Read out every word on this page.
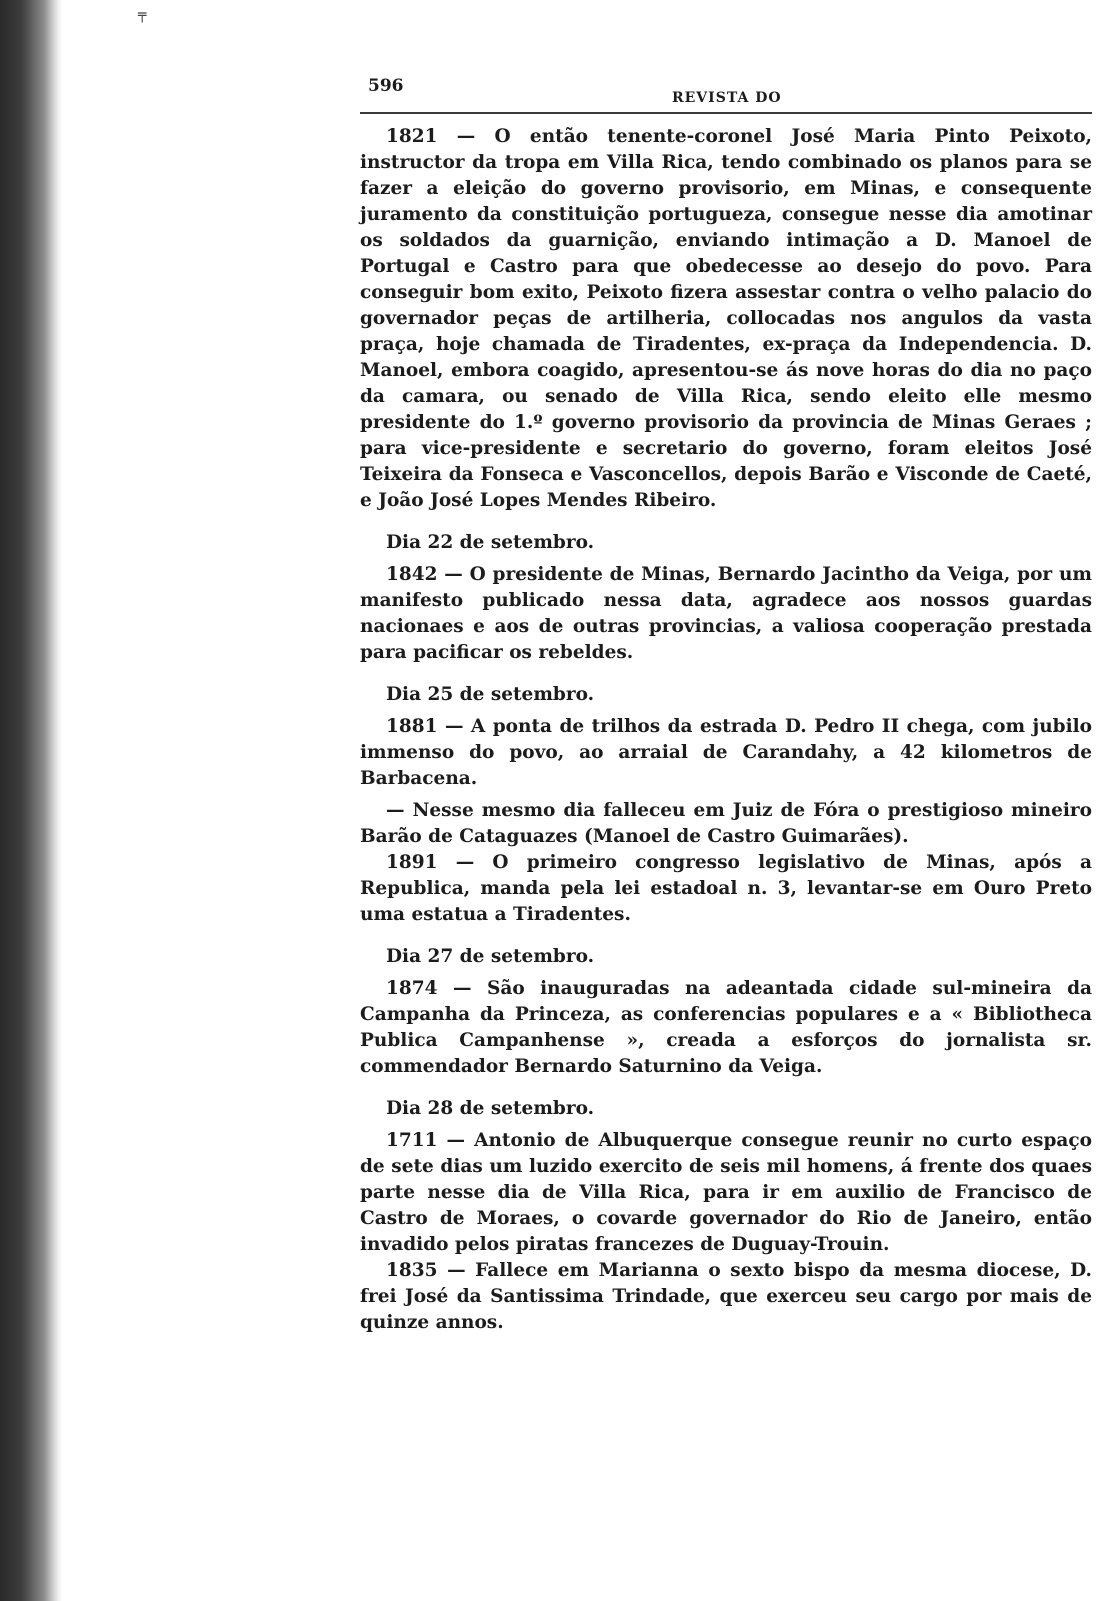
╤
596
REVISTA DO

1821 — O então tenente-coronel José Maria Pinto Peixoto, instructor da tropa em Villa Rica, tendo combinado os planos para se fazer a eleição do governo provisorio, em Minas, e consequente juramento da constituição portugueza, consegue nesse dia amotinar os soldados da guarnição, enviando intimação a D. Manoel de Portugal e Castro para que obedecesse ao desejo do povo. Para conseguir bom exito, Peixoto fizera assestar contra o velho palacio do governador peças de artilheria, collocadas nos angulos da vasta praça, hoje chamada de Tiradentes, ex-praça da Independencia. D. Manoel, embora coagido, apresentou-se ás nove horas do dia no paço da camara, ou senado de Villa Rica, sendo eleito elle mesmo presidente do 1.º governo provisorio da provincia de Minas Geraes ; para vice-presidente e secretario do governo, foram eleitos José Teixeira da Fonseca e Vasconcellos, depois Barão e Visconde de Caeté, e João José Lopes Mendes Ribeiro.

Dia 22 de setembro.

1842 — O presidente de Minas, Bernardo Jacintho da Veiga, por um manifesto publicado nessa data, agradece aos nossos guardas nacionaes e aos de outras provincias, a valiosa cooperação prestada para pacificar os rebeldes.

Dia 25 de setembro.

1881 — A ponta de trilhos da estrada D. Pedro II chega, com jubilo immenso do povo, ao arraial de Carandahy, a 42 kilometros de Barbacena.

— Nesse mesmo dia falleceu em Juiz de Fóra o prestigioso mineiro Barão de Cataguazes (Manoel de Castro Guimarães).

1891 — O primeiro congresso legislativo de Minas, após a Republica, manda pela lei estadoal n. 3, levantar-se em Ouro Preto uma estatua a Tiradentes.

Dia 27 de setembro.

1874 — São inauguradas na adeantada cidade sul-mineira da Campanha da Princeza, as conferencias populares e a « Bibliotheca Publica Campanhense », creada a esforços do jornalista sr. commendador Bernardo Saturnino da Veiga.

Dia 28 de setembro.

1711 — Antonio de Albuquerque consegue reunir no curto espaço de sete dias um luzido exercito de seis mil homens, á frente dos quaes parte nesse dia de Villa Rica, para ir em auxilio de Francisco de Castro de Moraes, o covarde governador do Rio de Janeiro, então invadido pelos piratas francezes de Duguay-Trouin.

1835 — Fallece em Marianna o sexto bispo da mesma diocese, D. frei José da Santissima Trindade, que exerceu seu cargo por mais de quinze annos.
